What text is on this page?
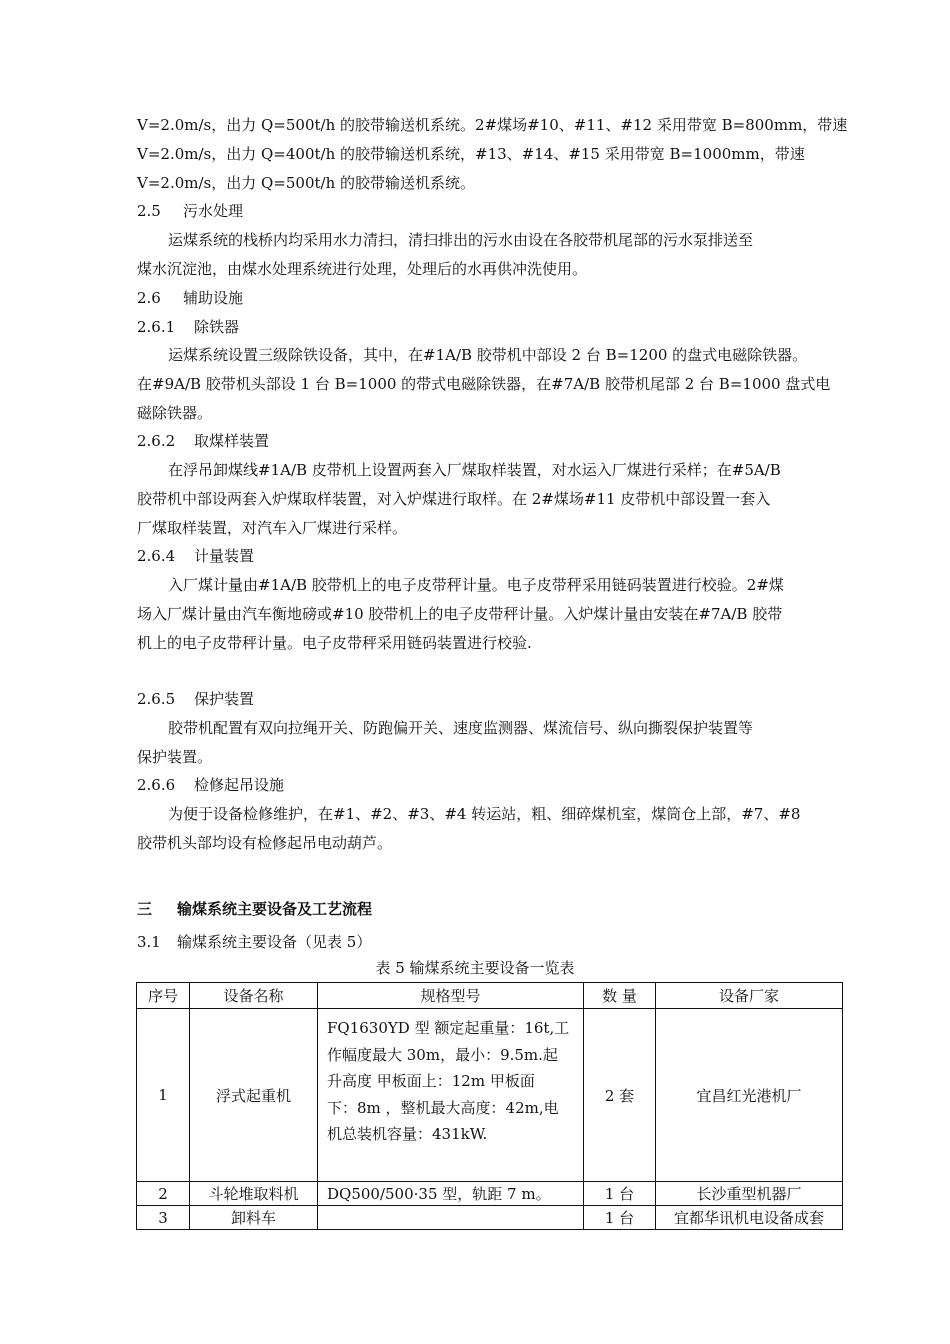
V=2.0m/s，出力 Q=500t/h 的胶带输送机系统。2#煤场#10、#11、#12 采用带宽 B=800mm，带速
V=2.0m/s，出力 Q=400t/h 的胶带输送机系统，#13、#14、#15 采用带宽 B=1000mm，带速
V=2.0m/s，出力 Q=500t/h 的胶带输送机系统。
2.5 污水处理
运煤系统的栈桥内均采用水力清扫，清扫排出的污水由设在各胶带机尾部的污水泵排送至
煤水沉淀池，由煤水处理系统进行处理，处理后的水再供冲洗使用。
2.6 辅助设施
2.6.1 除铁器
运煤系统设置三级除铁设备，其中，在#1A/B 胶带机中部设 2 台 B=1200 的盘式电磁除铁器。
在#9A/B 胶带机头部设 1 台 B=1000 的带式电磁除铁器，在#7A/B 胶带机尾部 2 台 B=1000 盘式电
磁除铁器。
2.6.2 取煤样装置
在浮吊卸煤线#1A/B 皮带机上设置两套入厂煤取样装置，对水运入厂煤进行采样；在#5A/B
胶带机中部设两套入炉煤取样装置，对入炉煤进行取样。在 2#煤场#11 皮带机中部设置一套入
厂煤取样装置，对汽车入厂煤进行采样。
2.6.4 计量装置
入厂煤计量由#1A/B 胶带机上的电子皮带秤计量。电子皮带秤采用链码装置进行校验。2#煤
场入厂煤计量由汽车衡地磅或#10 胶带机上的电子皮带秤计量。入炉煤计量由安装在#7A/B 胶带
机上的电子皮带秤计量。电子皮带秤采用链码装置进行校验.
2.6.5 保护装置
胶带机配置有双向拉绳开关、防跑偏开关、速度监测器、煤流信号、纵向撕裂保护装置等
保护装置。
2.6.6 检修起吊设施
为便于设备检修维护，在#1、#2、#3、#4 转运站，粗、细碎煤机室，煤筒仓上部，#7、#8
胶带机头部均设有检修起吊电动葫芦。
三 输煤系统主要设备及工艺流程
3.1 输煤系统主要设备（见表 5）
表 5 输煤系统主要设备一览表
序号	设备名称	规格型号	数 量	设备厂家
1	浮式起重机	FQ1630YD 型 额定起重量：16t,工
作幅度最大 30m，最小：9.5m.起
升高度 甲板面上：12m 甲板面
下：8m ，整机最大高度：42m,电
机总装机容量：431kW.	2 套	宜昌红光港机厂
2	斗轮堆取料机	DQ500/500·35 型，轨距 7 m。	1 台	长沙重型机器厂
3	卸料车		1 台	宜都华讯机电设备成套
